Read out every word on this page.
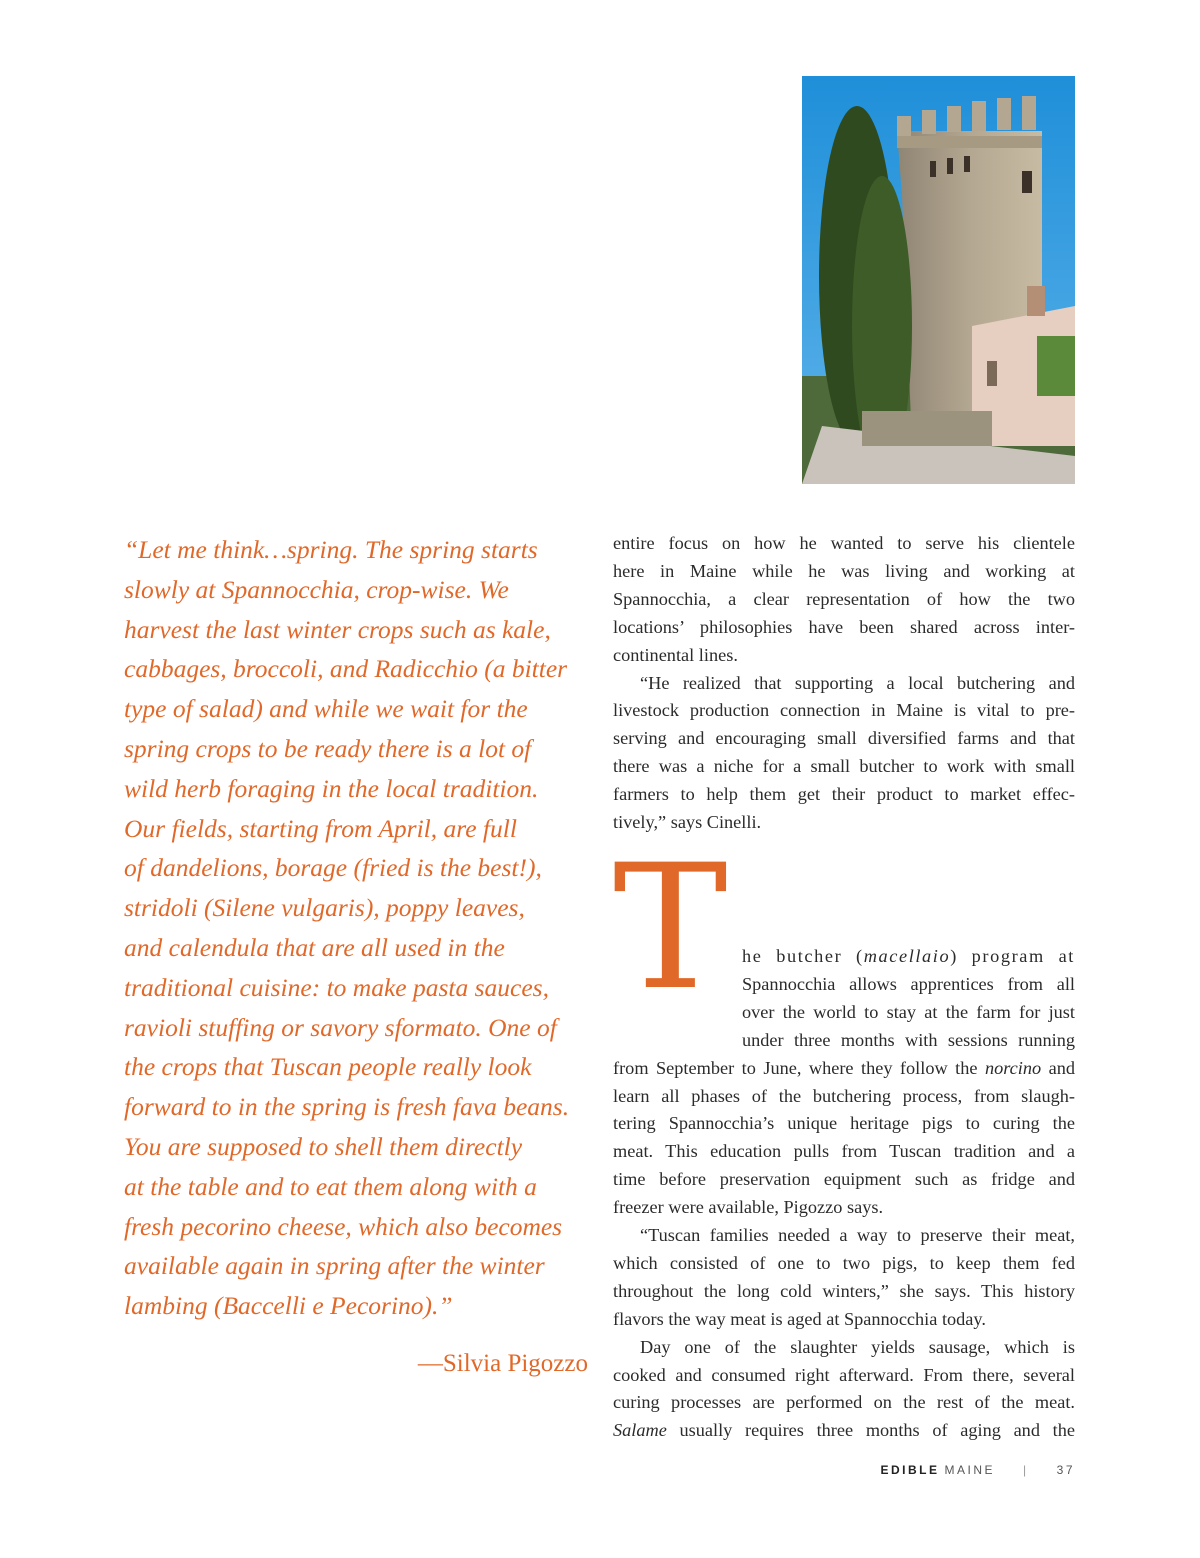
“Let me think…spring. The spring starts
slowly at Spannocchia, crop-wise. We
harvest the last winter crops such as kale,
cabbages, broccoli, and Radicchio (a bitter
type of salad) and while we wait for the
spring crops to be ready there is a lot of
wild herb foraging in the local tradition.
Our fields, starting from April, are full
of dandelions, borage (fried is the best!),
stridoli (Silene vulgaris), poppy leaves,
and calendula that are all used in the
traditional cuisine: to make pasta sauces,
ravioli stuffing or savory sformato. One of
the crops that Tuscan people really look
forward to in the spring is fresh fava beans.
You are supposed to shell them directly
at the table and to eat them along with a
fresh pecorino cheese, which also becomes
available again in spring after the winter
lambing (Baccelli e Pecorino).”
—Silvia Pigozzo
entire focus on how he wanted to serve his clientele
here in Maine while he was living and working at
Spannocchia, a clear representation of how the two
locations’ philosophies have been shared across inter-
continental lines.
“He realized that supporting a local butchering and
livestock production connection in Maine is vital to pre-
serving and encouraging small diversified farms and that
there was a niche for a small butcher to work with small
farmers to help them get their product to market effec-
tively,” says Cinelli.
T he butcher (macellaio) program at
Spannocchia allows apprentices from all
over the world to stay at the farm for just
under three months with sessions running
from September to June, where they follow the norcino and
learn all phases of the butchering process, from slaugh-
tering Spannocchia’s unique heritage pigs to curing the
meat. This education pulls from Tuscan tradition and a
time before preservation equipment such as fridge and
freezer were available, Pigozzo says.
“Tuscan families needed a way to preserve their meat,
which consisted of one to two pigs, to keep them fed
throughout the long cold winters,” she says. This history
flavors the way meat is aged at Spannocchia today.
Day one of the slaughter yields sausage, which is
cooked and consumed right afterward. From there, several
curing processes are performed on the rest of the meat.
Salame usually requires three months of aging and the
EDIBLE MAINE | 37
